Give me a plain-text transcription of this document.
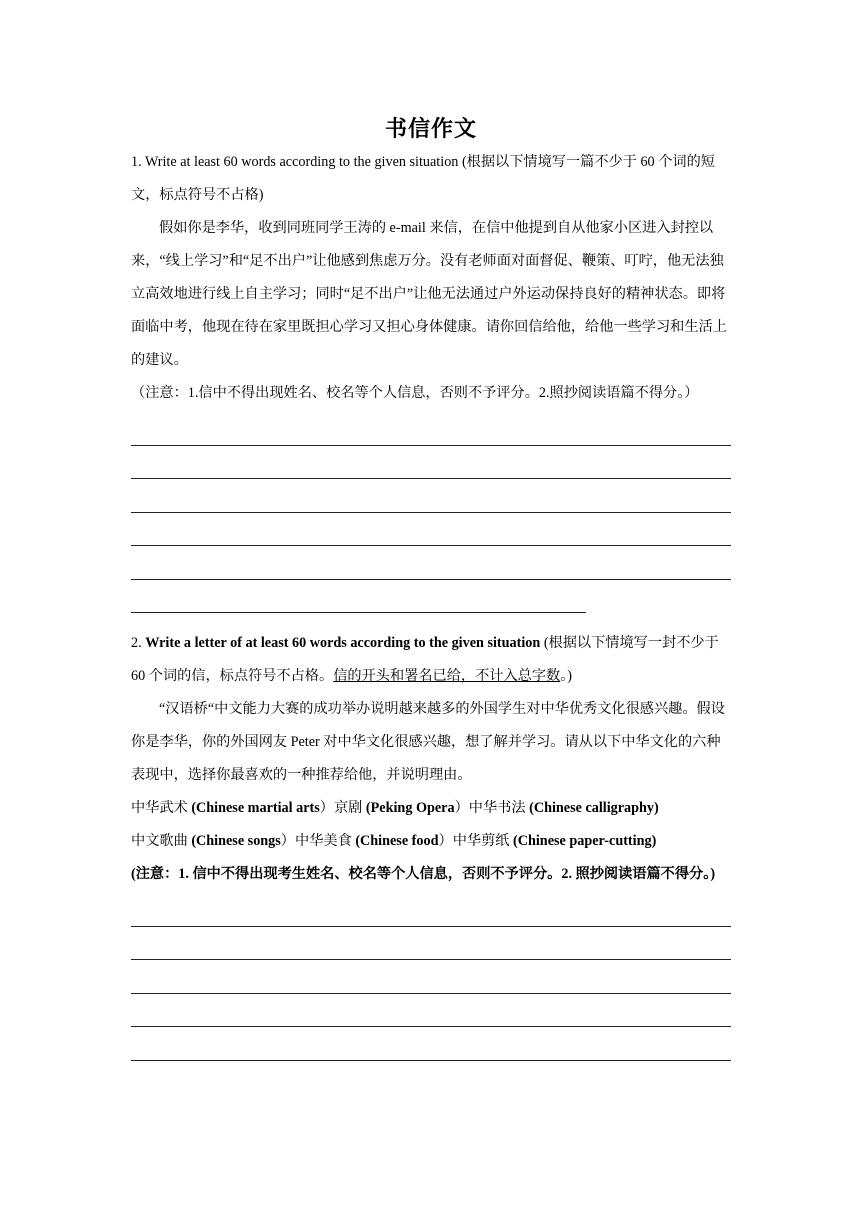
书信作文

1. Write at least 60 words according to the given situation (根据以下情境写一篇不少于 60 个词的短文，标点符号不占格)

假如你是李华，收到同班同学王涛的 e-mail 来信，在信中他提到自从他家小区进入封控以来，“线上学习”和“足不出户”让他感到焦虑万分。没有老师面对面督促、鞭策、叮咛，他无法独立高效地进行线上自主学习；同时“足不出户”让他无法通过户外运动保持良好的精神状态。即将面临中考，他现在待在家里既担心学习又担心身体健康。请你回信给他，给他一些学习和生活上的建议。

（注意：1.信中不得出现姓名、校名等个人信息，否则不予评分。2.照抄阅读语篇不得分。）

2. Write a letter of at least 60 words according to the given situation (根据以下情境写一封不少于 60 个词的信，标点符号不占格。信的开头和署名已给，不计入总字数。)

“汉语桥“中文能力大赛的成功举办说明越来越多的外国学生对中华优秀文化很感兴趣。假设你是李华，你的外国网友 Peter 对中华文化很感兴趣，想了解并学习。请从以下中华文化的六种表现中，选择你最喜欢的一种推荐给他，并说明理由。

中华武术 (Chinese martial arts）京剧 (Peking Opera）中华书法 (Chinese calligraphy)

中文歌曲 (Chinese songs）中华美食 (Chinese food）中华剪纸 (Chinese paper-cutting)

(注意：1. 信中不得出现考生姓名、校名等个人信息，否则不予评分。2. 照抄阅读语篇不得分。)
